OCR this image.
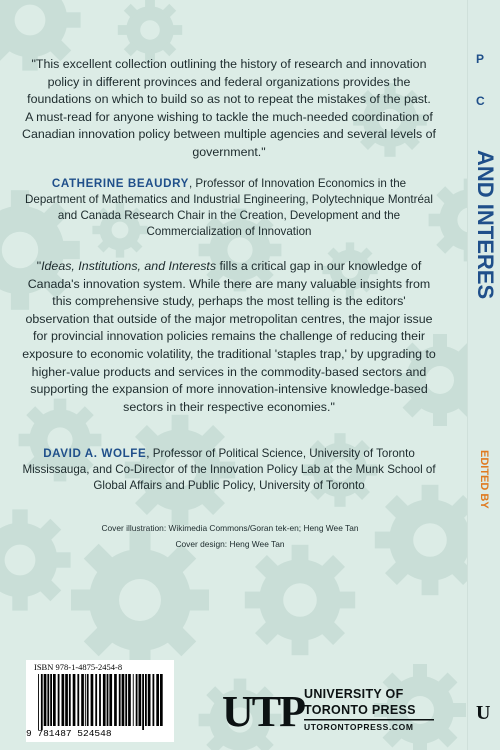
P
C
AND INTERES
EDITED BY
U

"This excellent collection outlining the history of research and innovation policy in different provinces and federal organizations provides the foundations on which to build so as not to repeat the mistakes of the past. A must-read for anyone wishing to tackle the much-needed coordination of Canadian innovation policy between multiple agencies and several levels of government."

CATHERINE BEAUDRY, Professor of Innovation Economics in the Department of Mathematics and Industrial Engineering, Polytechnique Montréal and Canada Research Chair in the Creation, Development and the Commercialization of Innovation

"Ideas, Institutions, and Interests fills a critical gap in our knowledge of Canada's innovation system. While there are many valuable insights from this comprehensive study, perhaps the most telling is the editors' observation that outside of the major metropolitan centres, the major issue for provincial innovation policies remains the challenge of reducing their exposure to economic volatility, the traditional 'staples trap,' by upgrading to higher-value products and services in the commodity-based sectors and supporting the expansion of more innovation-intensive knowledge-based sectors in their respective economies."

DAVID A. WOLFE, Professor of Political Science, University of Toronto Mississauga, and Co-Director of the Innovation Policy Lab at the Munk School of Global Affairs and Public Policy, University of Toronto

Cover illustration: Wikimedia Commons/Goran tek-en; Heng Wee Tan
Cover design: Heng Wee Tan
ISBN 978-1-4875-2454-8
9 781487 524548	UTP UNIVERSITY OF
TORONTO PRESS
UTORONTOPRESS.COM
